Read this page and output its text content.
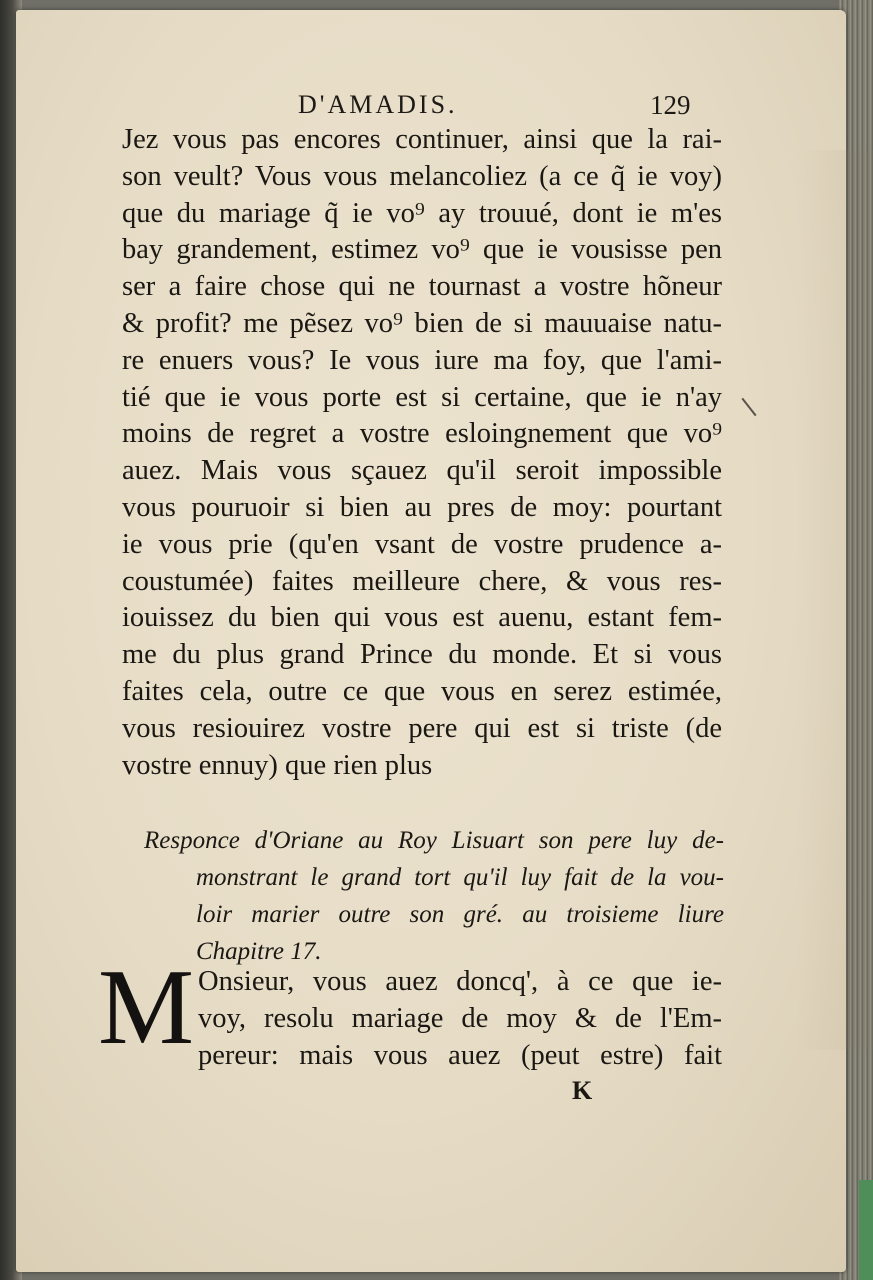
D'AMADIS.	129
Jez vous pas encores continuer, ainsi que la rai-
son veult? Vous vous melancoliez (a ce q̃ ie voy)
que du mariage q̃ ie vo⁹ ay trouué, dont ie m'es
bay grandement, estimez vo⁹ que ie vousisse pen
ser a faire chose qui ne tournast a vostre hõneur
& profit? me pẽsez vo⁹ bien de si mauuaise natu-
re enuers vous? Ie vous iure ma foy, que l'ami-
tié que ie vous porte est si certaine, que ie n'ay
moins de regret a vostre esloingnement que vo⁹
auez. Mais vous sçauez qu'il seroit impossible
vous pouruoir si bien au pres de moy: pourtant
ie vous prie (qu'en vsant de vostre prudence a-
coustumée) faites meilleure chere, & vous res-
iouissez du bien qui vous est auenu, estant fem-
me du plus grand Prince du monde. Et si vous
faites cela, outre ce que vous en serez estimée,
vous resiouirez vostre pere qui est si triste (de
vostre ennuy) que rien plus
Responce d'Oriane au Roy Lisuart son pere luy de-
monstrant le grand tort qu'il luy fait de la vou-
loir marier outre son gré. au troisieme liure
Chapitre 17.
M Onsieur, vous auez doncq', à ce que ie-
voy, resolu mariage de moy & de l'Em-
pereur: mais vous auez (peut estre) fait
K
